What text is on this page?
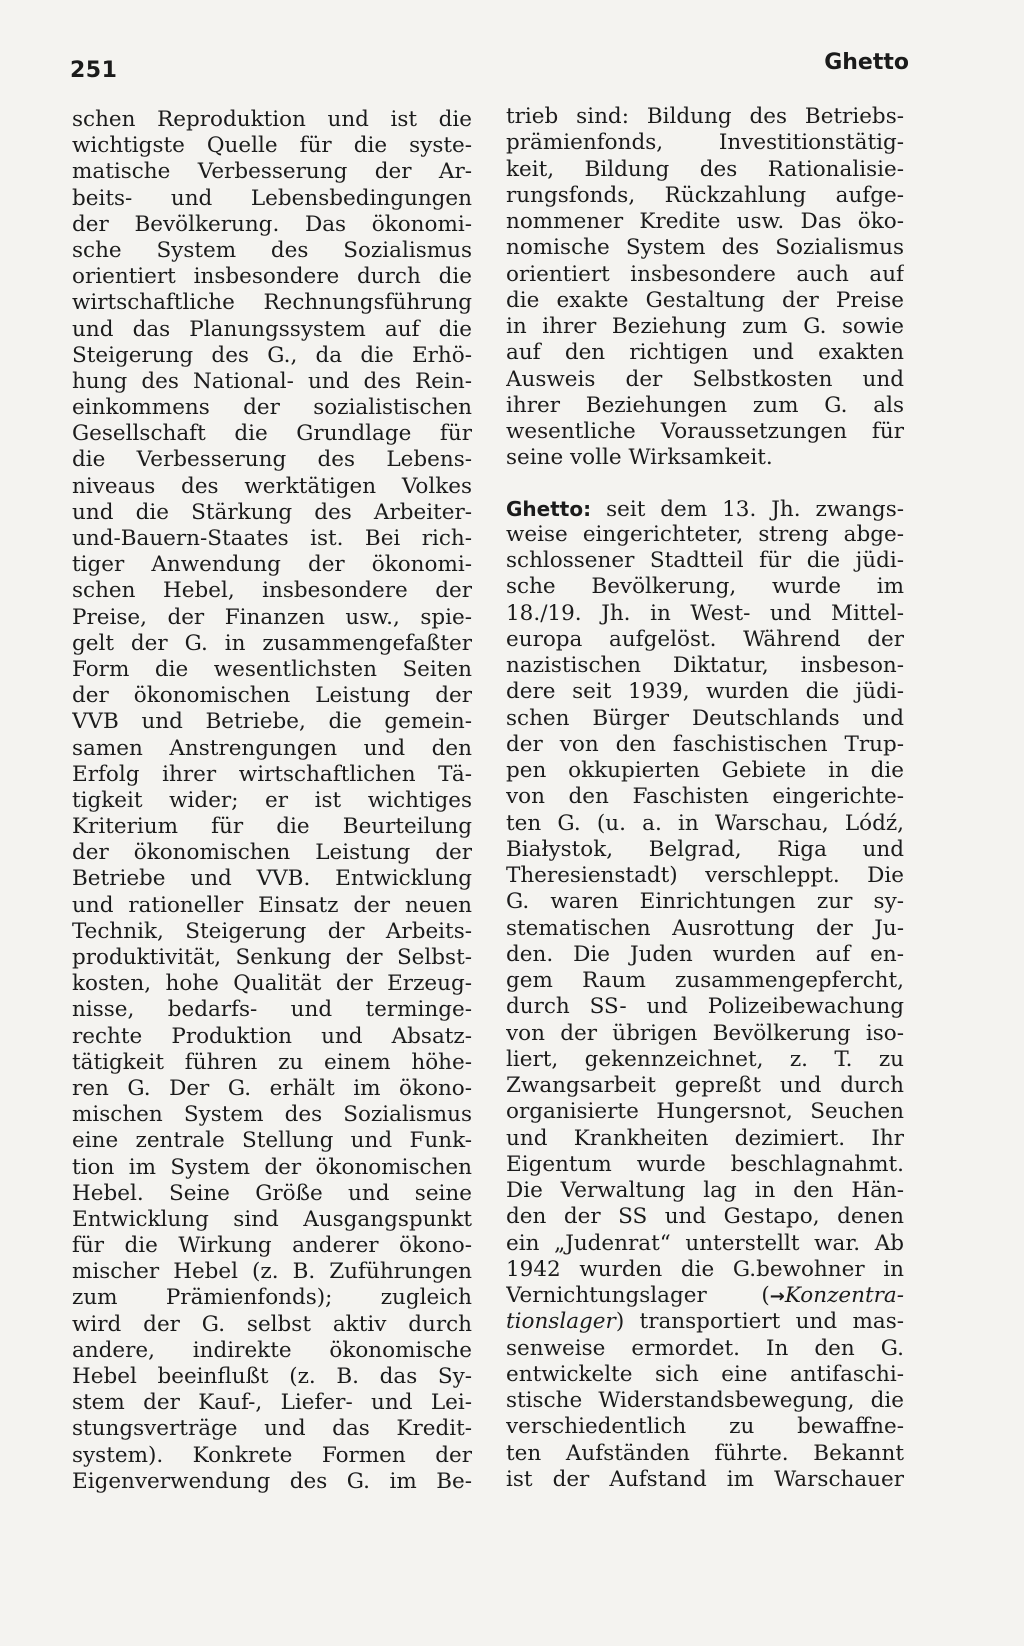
251	Ghetto
schen Reproduktion und ist die
wichtigste Quelle für die syste-
matische Verbesserung der Ar-
beits- und Lebensbedingungen
der Bevölkerung. Das ökonomi-
sche System des Sozialismus
orientiert insbesondere durch die
wirtschaftliche Rechnungsführung
und das Planungssystem auf die
Steigerung des G., da die Erhö-
hung des National- und des Rein-
einkommens der sozialistischen
Gesellschaft die Grundlage für
die Verbesserung des Lebens-
niveaus des werktätigen Volkes
und die Stärkung des Arbeiter-
und-Bauern-Staates ist. Bei rich-
tiger Anwendung der ökonomi-
schen Hebel, insbesondere der
Preise, der Finanzen usw., spie-
gelt der G. in zusammengefaßter
Form die wesentlichsten Seiten
der ökonomischen Leistung der
VVB und Betriebe, die gemein-
samen Anstrengungen und den
Erfolg ihrer wirtschaftlichen Tä-
tigkeit wider; er ist wichtiges
Kriterium für die Beurteilung
der ökonomischen Leistung der
Betriebe und VVB. Entwicklung
und rationeller Einsatz der neuen
Technik, Steigerung der Arbeits-
produktivität, Senkung der Selbst-
kosten, hohe Qualität der Erzeug-
nisse, bedarfs- und terminge-
rechte Produktion und Absatz-
tätigkeit führen zu einem höhe-
ren G. Der G. erhält im ökono-
mischen System des Sozialismus
eine zentrale Stellung und Funk-
tion im System der ökonomischen
Hebel. Seine Größe und seine
Entwicklung sind Ausgangspunkt
für die Wirkung anderer ökono-
mischer Hebel (z. B. Zuführungen
zum Prämienfonds); zugleich
wird der G. selbst aktiv durch
andere, indirekte ökonomische
Hebel beeinflußt (z. B. das Sy-
stem der Kauf-, Liefer- und Lei-
stungsverträge und das Kredit-
system). Konkrete Formen der
Eigenverwendung des G. im Be-
trieb sind: Bildung des Betriebs-
prämienfonds, Investitionstätig-
keit, Bildung des Rationalisie-
rungsfonds, Rückzahlung aufge-
nommener Kredite usw. Das öko-
nomische System des Sozialismus
orientiert insbesondere auch auf
die exakte Gestaltung der Preise
in ihrer Beziehung zum G. sowie
auf den richtigen und exakten
Ausweis der Selbstkosten und
ihrer Beziehungen zum G. als
wesentliche Voraussetzungen für
seine volle Wirksamkeit.
Ghetto: seit dem 13. Jh. zwangs-
weise eingerichteter, streng abge-
schlossener Stadtteil für die jüdi-
sche Bevölkerung, wurde im
18./19. Jh. in West- und Mittel-
europa aufgelöst. Während der
nazistischen Diktatur, insbeson-
dere seit 1939, wurden die jüdi-
schen Bürger Deutschlands und
der von den faschistischen Trup-
pen okkupierten Gebiete in die
von den Faschisten eingerichte-
ten G. (u. a. in Warschau, Lódź,
Białystok, Belgrad, Riga und
Theresienstadt) verschleppt. Die
G. waren Einrichtungen zur sy-
stematischen Ausrottung der Ju-
den. Die Juden wurden auf en-
gem Raum zusammengepfercht,
durch SS- und Polizeibewachung
von der übrigen Bevölkerung iso-
liert, gekennzeichnet, z. T. zu
Zwangsarbeit gepreßt und durch
organisierte Hungersnot, Seuchen
und Krankheiten dezimiert. Ihr
Eigentum wurde beschlagnahmt.
Die Verwaltung lag in den Hän-
den der SS und Gestapo, denen
ein „Judenrat“ unterstellt war. Ab
1942 wurden die G.bewohner in
Vernichtungslager (→Konzentra-
tionslager) transportiert und mas-
senweise ermordet. In den G.
entwickelte sich eine antifaschi-
stische Widerstandsbewegung, die
verschiedentlich zu bewaffne-
ten Aufständen führte. Bekannt
ist der Aufstand im Warschauer
